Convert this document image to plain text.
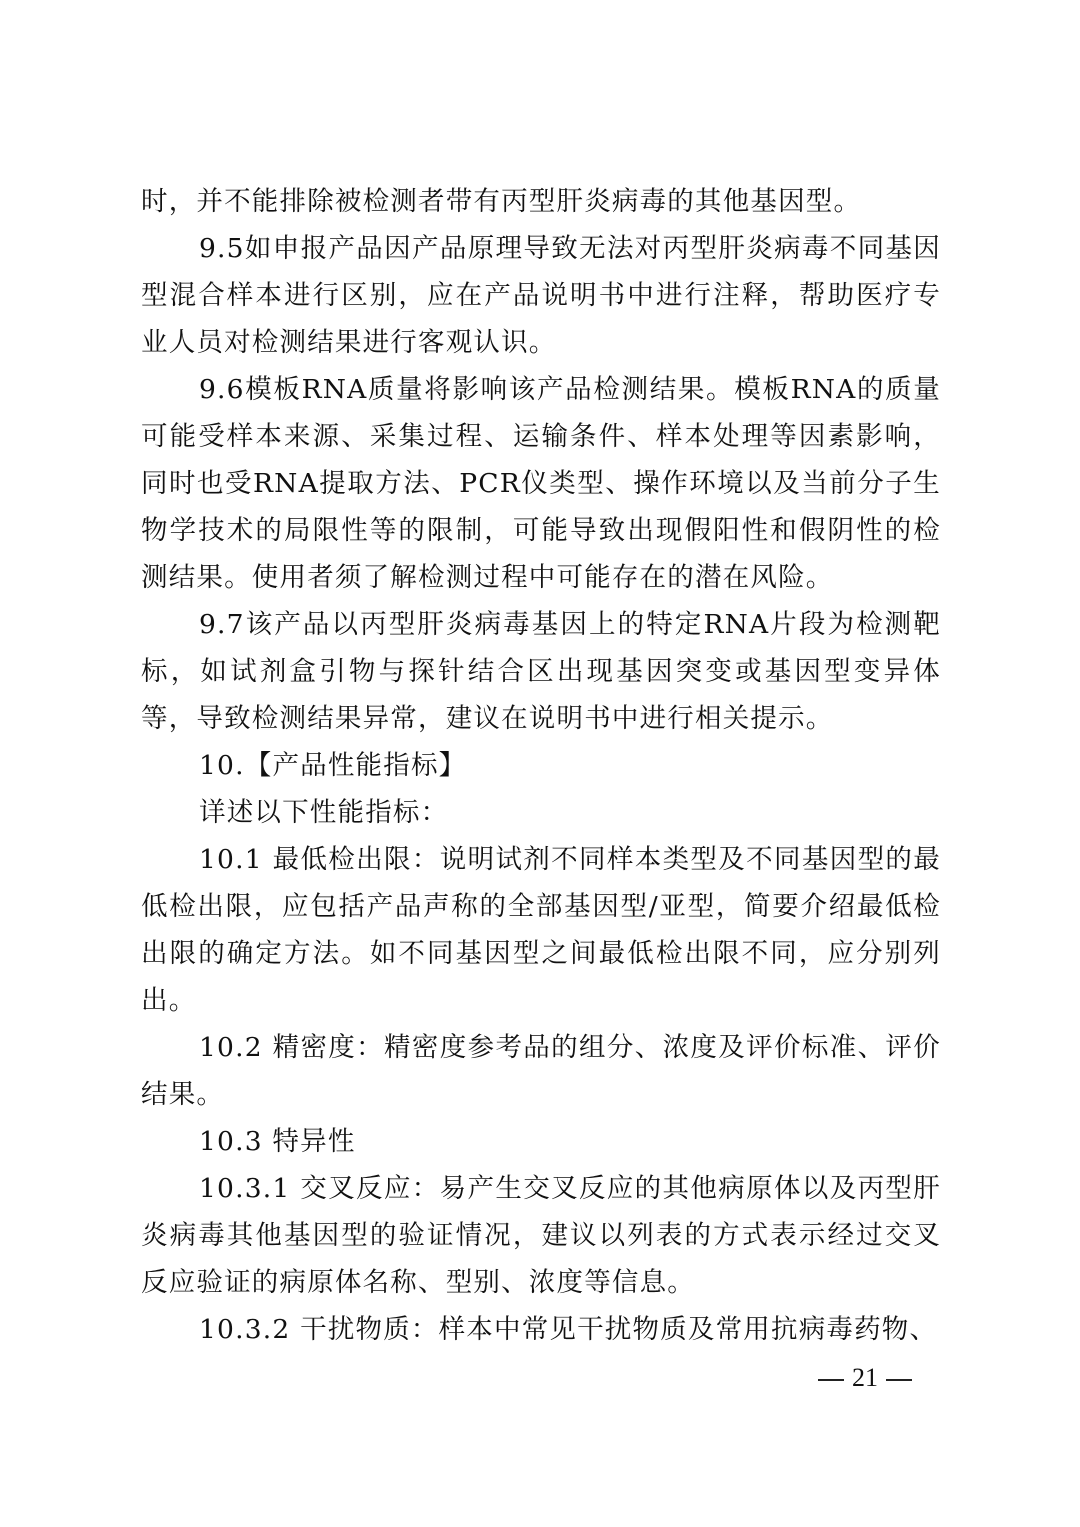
时，并不能排除被检测者带有丙型肝炎病毒的其他基因型。

9.5如申报产品因产品原理导致无法对丙型肝炎病毒不同基因型混合样本进行区别，应在产品说明书中进行注释，帮助医疗专业人员对检测结果进行客观认识。

9.6模板RNA质量将影响该产品检测结果。模板RNA的质量可能受样本来源、采集过程、运输条件、样本处理等因素影响，同时也受RNA提取方法、PCR仪类型、操作环境以及当前分子生物学技术的局限性等的限制，可能导致出现假阳性和假阴性的检测结果。使用者须了解检测过程中可能存在的潜在风险。

9.7该产品以丙型肝炎病毒基因上的特定RNA片段为检测靶标，如试剂盒引物与探针结合区出现基因突变或基因型变异体等，导致检测结果异常，建议在说明书中进行相关提示。

10.【产品性能指标】

详述以下性能指标：

10.1 最低检出限：说明试剂不同样本类型及不同基因型的最低检出限，应包括产品声称的全部基因型/亚型，简要介绍最低检出限的确定方法。如不同基因型之间最低检出限不同，应分别列出。

10.2 精密度：精密度参考品的组分、浓度及评价标准、评价结果。

10.3 特异性

10.3.1 交叉反应：易产生交叉反应的其他病原体以及丙型肝炎病毒其他基因型的验证情况，建议以列表的方式表示经过交叉反应验证的病原体名称、型别、浓度等信息。

10.3.2 干扰物质：样本中常见干扰物质及常用抗病毒药物、

21
